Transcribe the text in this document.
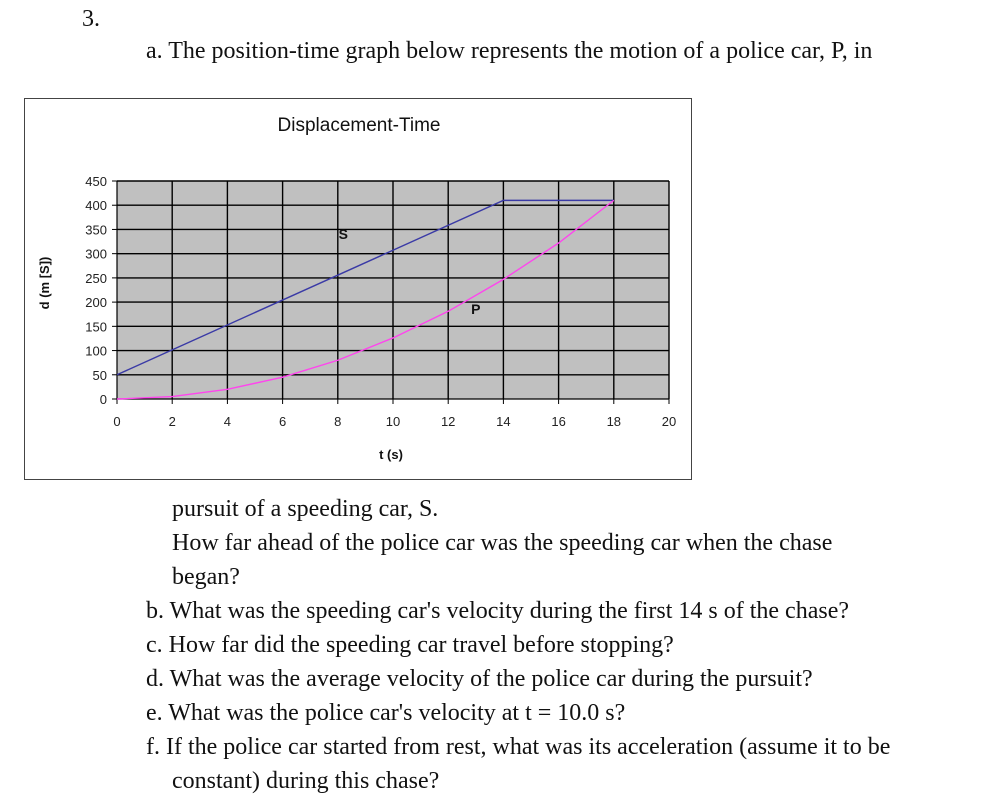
3.
a. The position-time graph below represents the motion of a police car, P, in
Displacement-Time
0	2	4	6	8	10	12	14	16	18	20
0
50
100
150
200
250
300
350
400
450
S
P
t (s)
d (m [S])
pursuit of a speeding car, S.
How far ahead of the police car was the speeding car when the chase
began?
b. What was the speeding car's velocity during the first 14 s of the chase?
c. How far did the speeding car travel before stopping?
d. What was the average velocity of the police car during the pursuit?
e. What was the police car's velocity at t = 10.0 s?
f. If the police car started from rest, what was its acceleration (assume it to be
constant) during this chase?
